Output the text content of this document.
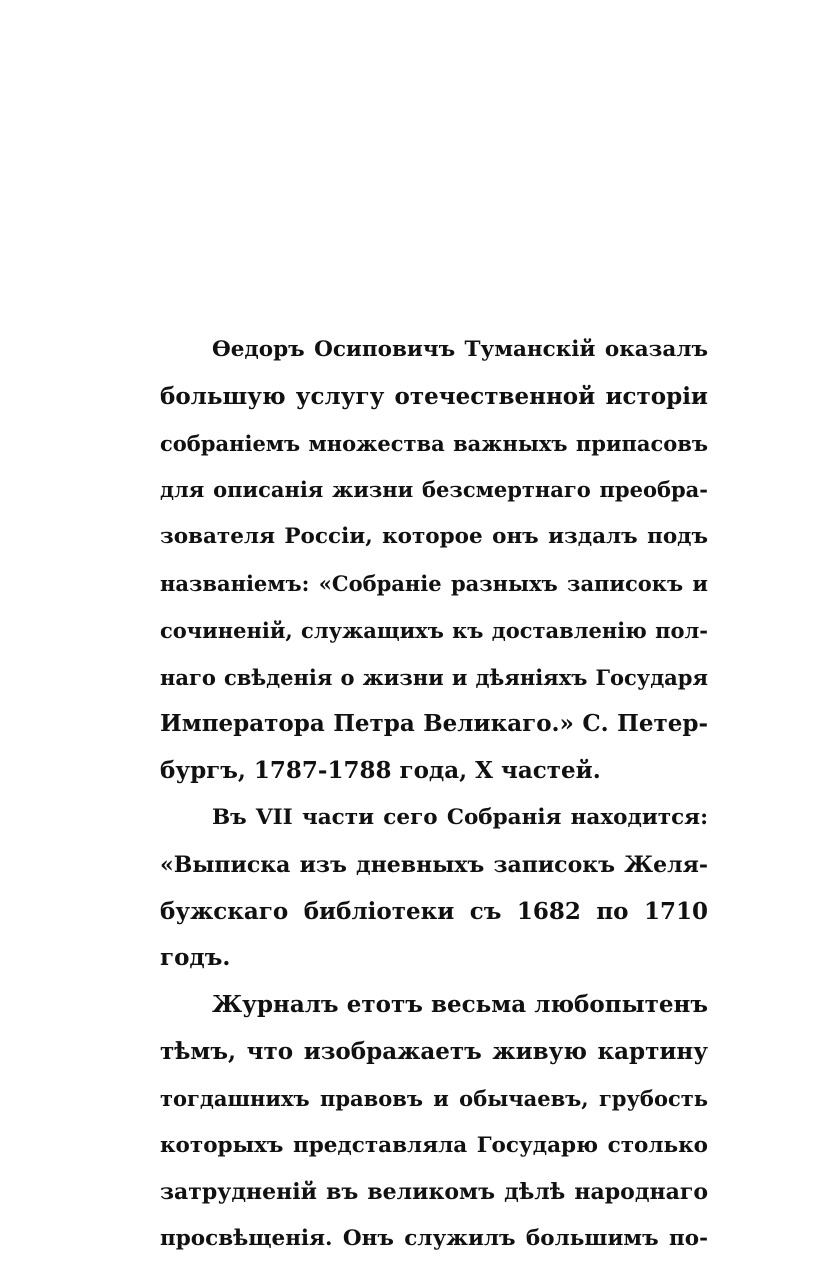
Өедоръ Осиповичъ Туманскій оказалъ
большую услугу отечественной исторіи
собраніемъ множества важныхъ припасовъ
для описанія жизни безсмертнаго преобра-
зователя Россіи, которое онъ издалъ подъ
названіемъ: «Собраніе разныхъ записокъ и
сочиненій, служащихъ къ доставленію пол-
наго свѣденія о жизни и дѣяніяхъ Государя
Императора Петра Великаго.» С. Петер-
бургъ, 1787-1788 года, X частей.
Въ VII части сего Собранія находится:
«Выписка изъ дневныхъ записокъ Желя-
бужскаго библіотеки съ 1682 по 1710
годъ.
Журналъ етотъ весьма любопытенъ
тѣмъ, что изображаетъ живую картину
тогдашнихъ правовъ и обычаевъ, грубость
которыхъ представляла Государю столько
затрудненій въ великомъ дѣлѣ народнаго
просвѣщенія. Онъ служилъ большимъ по-
